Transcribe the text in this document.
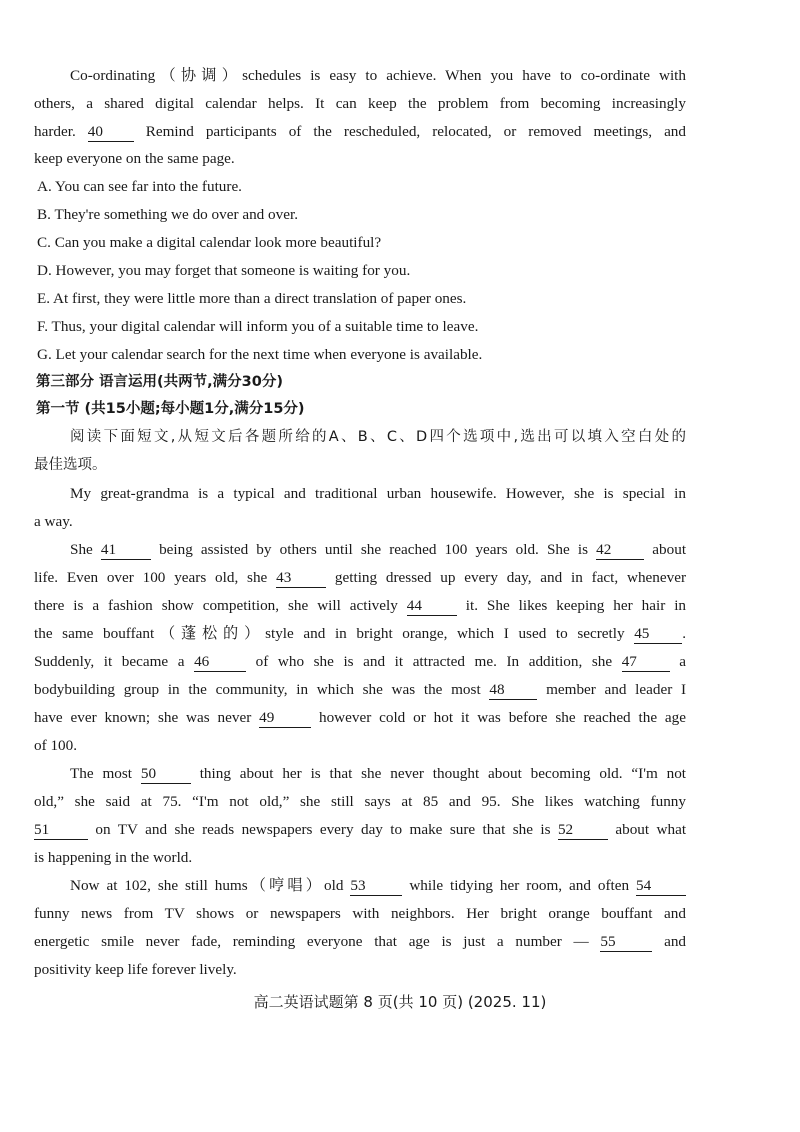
Co-ordinating（协调）schedules is easy to achieve. When you have to co-ordinate with
others, a shared digital calendar helps. It can keep the problem from becoming increasingly
harder. 40	Remind participants of the rescheduled, relocated, or removed meetings, and
keep everyone on the same page.
A. You can see far into the future.
B. They're something we do over and over.
C. Can you make a digital calendar look more beautiful?
D. However, you may forget that someone is waiting for you.
E. At first, they were little more than a direct translation of paper ones.
F. Thus, your digital calendar will inform you of a suitable time to leave.
G. Let your calendar search for the next time when everyone is available.
第三部分 语言运用(共两节,满分30分)
第一节 (共15小题;每小题1分,满分15分)
阅读下面短文,从短文后各题所给的A、B、C、D四个选项中,选出可以填入空白处的
最佳选项。
My great-grandma is a typical and traditional urban housewife. However, she is special in
a way.
She 41	being assisted by others until she reached 100 years old. She is 42	about
life. Even over 100 years old, she 43	getting dressed up every day, and in fact, whenever
there is a fashion show competition, she will actively 44	it. She likes keeping her hair in
the same bouffant（蓬松的）style and in bright orange, which I used to secretly 45 .
Suddenly, it became a 46	of who she is and it attracted me. In addition, she 47	a
bodybuilding group in the community, in which she was the most 48	member and leader I
have ever known; she was never 49	however cold or hot it was before she reached the age
of 100.
The most 50	thing about her is that she never thought about becoming old. “I'm not
old,” she said at 75. “I'm not old,” she still says at 85 and 95. She likes watching funny
51	on TV and she reads newspapers every day to make sure that she is 52	about what
is happening in the world.
Now at 102, she still hums（哼唱）old 53	while tidying her room, and often 54
funny news from TV shows or newspapers with neighbors. Her bright orange bouffant and
energetic smile never fade, reminding everyone that age is just a number — 55	and
positivity keep life forever lively.
高二英语试题第 8 页(共 10 页) (2025. 11)
